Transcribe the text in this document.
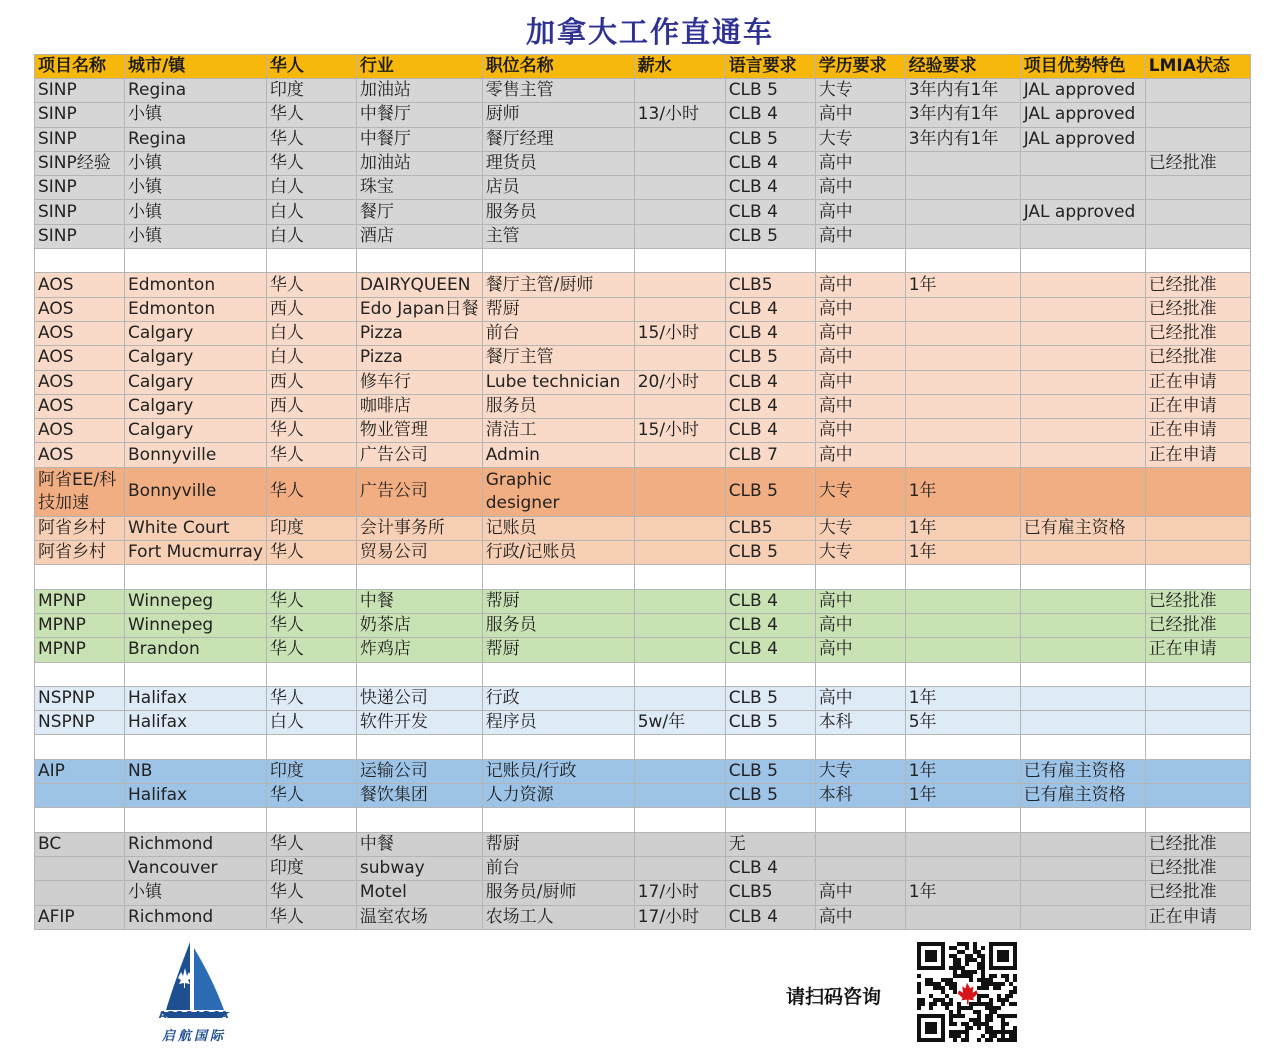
加拿大工作直通车
项目名称	城市/镇	华人	行业	职位名称	薪水	语言要求	学历要求	经验要求	项目优势特色	LMIA状态
SINP	Regina	印度	加油站	零售主管		CLB 5	大专	3年内有1年	JAL approved	
SINP	小镇	华人	中餐厅	厨师	13/小时	CLB 4	高中	3年内有1年	JAL approved	
SINP	Regina	华人	中餐厅	餐厅经理		CLB 5	大专	3年内有1年	JAL approved	
SINP经验	小镇	华人	加油站	理货员		CLB 4	高中			已经批准
SINP	小镇	白人	珠宝	店员		CLB 4	高中			
SINP	小镇	白人	餐厅	服务员		CLB 4	高中		JAL approved	
SINP	小镇	白人	酒店	主管		CLB 5	高中			

AOS	Edmonton	华人	DAIRYQUEEN	餐厅主管/厨师		CLB5	高中	1年		已经批准
AOS	Edmonton	西人	Edo Japan日餐	帮厨		CLB 4	高中			已经批准
AOS	Calgary	白人	Pizza	前台	15/小时	CLB 4	高中			已经批准
AOS	Calgary	白人	Pizza	餐厅主管		CLB 5	高中			已经批准
AOS	Calgary	西人	修车行	Lube technician	20/小时	CLB 4	高中			正在申请
AOS	Calgary	西人	咖啡店	服务员		CLB 4	高中			正在申请
AOS	Calgary	华人	物业管理	清洁工	15/小时	CLB 4	高中			正在申请
AOS	Bonnyville	华人	广告公司	Admin		CLB 7	高中			正在申请
阿省EE/科技加速	Bonnyville	华人	广告公司	Graphic designer		CLB 5	大专	1年		
阿省乡村	White Court	印度	会计事务所	记账员		CLB5	大专	1年	已有雇主资格	
阿省乡村	Fort Mucmurray	华人	贸易公司	行政/记账员		CLB 5	大专	1年		

MPNP	Winnepeg	华人	中餐	帮厨		CLB 4	高中			已经批准
MPNP	Winnepeg	华人	奶茶店	服务员		CLB 4	高中			已经批准
MPNP	Brandon	华人	炸鸡店	帮厨		CLB 4	高中			正在申请

NSPNP	Halifax	华人	快递公司	行政		CLB 5	高中	1年		
NSPNP	Halifax	白人	软件开发	程序员	5w/年	CLB 5	本科	5年		

AIP	NB	印度	运输公司	记账员/行政		CLB 5	大专	1年	已有雇主资格	
	Halifax	华人	餐饮集团	人力资源		CLB 5	本科	1年	已有雇主资格	

BC	Richmond	华人	中餐	帮厨		无				已经批准
	Vancouver	印度	subway	前台		CLB 4				已经批准
	小镇	华人	Motel	服务员/厨师	17/小时	CLB5	高中	1年		已经批准
AFIP	Richmond	华人	温室农场	农场工人	17/小时	CLB 4	高中			正在申请
ABROADCA
启航国际
请扫码咨询
